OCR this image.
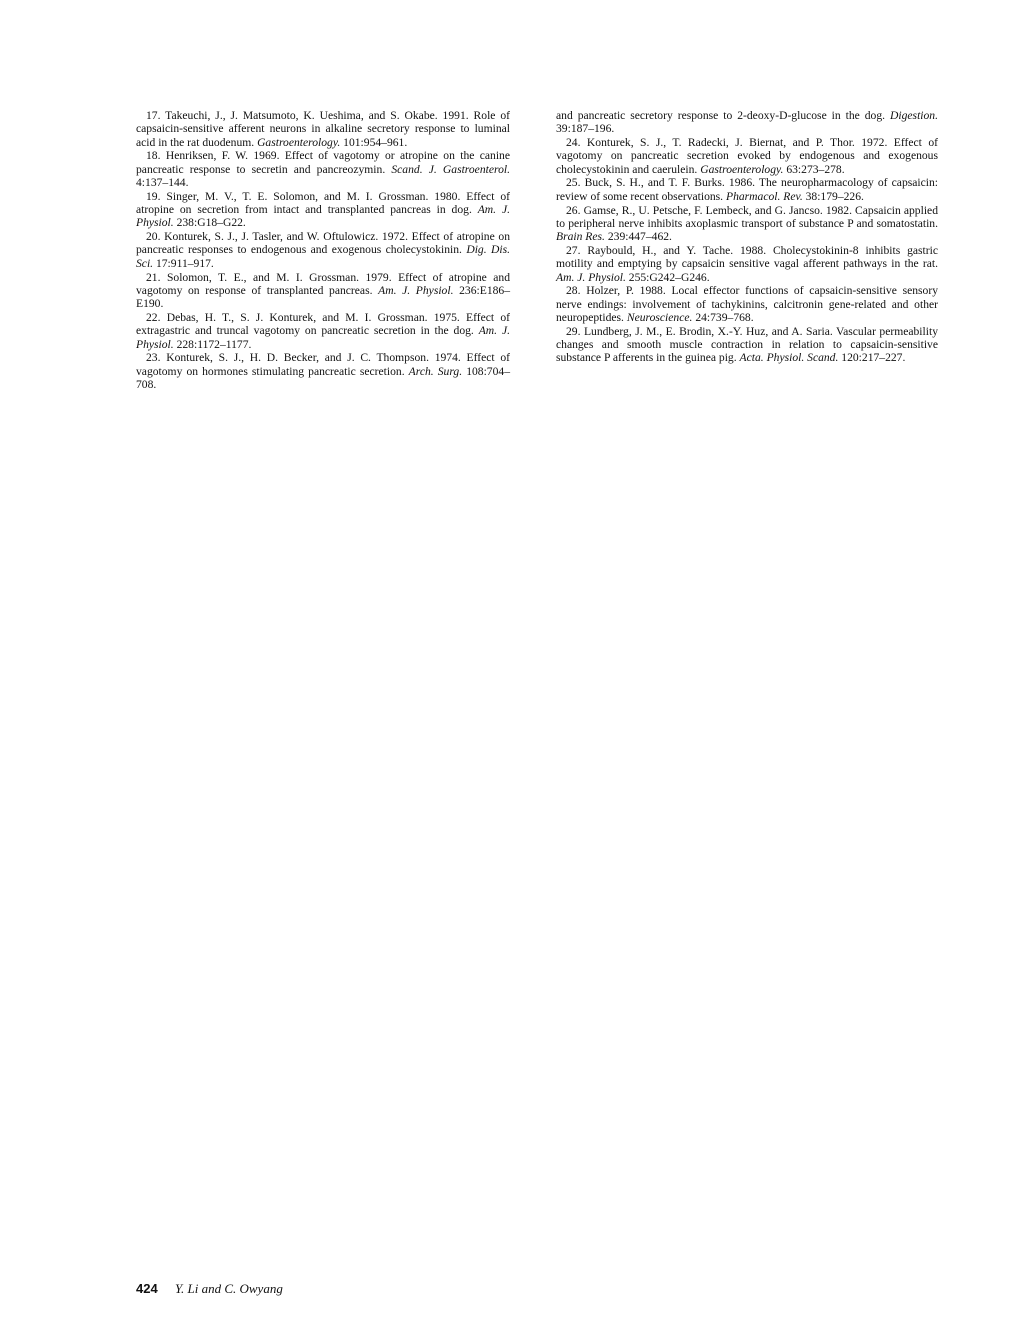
17. Takeuchi, J., J. Matsumoto, K. Ueshima, and S. Okabe. 1991. Role of capsaicin-sensitive afferent neurons in alkaline secretory response to luminal acid in the rat duodenum. Gastroenterology. 101:954–961.

18. Henriksen, F. W. 1969. Effect of vagotomy or atropine on the canine pancreatic response to secretin and pancreozymin. Scand. J. Gastroenterol. 4:137–144.

19. Singer, M. V., T. E. Solomon, and M. I. Grossman. 1980. Effect of atropine on secretion from intact and transplanted pancreas in dog. Am. J. Physiol. 238:G18–G22.

20. Konturek, S. J., J. Tasler, and W. Oftulowicz. 1972. Effect of atropine on pancreatic responses to endogenous and exogenous cholecystokinin. Dig. Dis. Sci. 17:911–917.

21. Solomon, T. E., and M. I. Grossman. 1979. Effect of atropine and vagotomy on response of transplanted pancreas. Am. J. Physiol. 236:E186–E190.

22. Debas, H. T., S. J. Konturek, and M. I. Grossman. 1975. Effect of extragastric and truncal vagotomy on pancreatic secretion in the dog. Am. J. Physiol. 228:1172–1177.

23. Konturek, S. J., H. D. Becker, and J. C. Thompson. 1974. Effect of vagotomy on hormones stimulating pancreatic secretion. Arch. Surg. 108:704–708.

and pancreatic secretory response to 2-deoxy-D-glucose in the dog. Digestion. 39:187–196.

24. Konturek, S. J., T. Radecki, J. Biernat, and P. Thor. 1972. Effect of vagotomy on pancreatic secretion evoked by endogenous and exogenous cholecystokinin and caerulein. Gastroenterology. 63:273–278.

25. Buck, S. H., and T. F. Burks. 1986. The neuropharmacology of capsaicin: review of some recent observations. Pharmacol. Rev. 38:179–226.

26. Gamse, R., U. Petsche, F. Lembeck, and G. Jancso. 1982. Capsaicin applied to peripheral nerve inhibits axoplasmic transport of substance P and somatostatin. Brain Res. 239:447–462.

27. Raybould, H., and Y. Tache. 1988. Cholecystokinin-8 inhibits gastric motility and emptying by capsaicin sensitive vagal afferent pathways in the rat. Am. J. Physiol. 255:G242–G246.

28. Holzer, P. 1988. Local effector functions of capsaicin-sensitive sensory nerve endings: involvement of tachykinins, calcitronin gene-related and other neuropeptides. Neuroscience. 24:739–768.

29. Lundberg, J. M., E. Brodin, X.-Y. Huz, and A. Saria. Vascular permeability changes and smooth muscle contraction in relation to capsaicin-sensitive substance P afferents in the guinea pig. Acta. Physiol. Scand. 120:217–227.

424 Y. Li and C. Owyang
